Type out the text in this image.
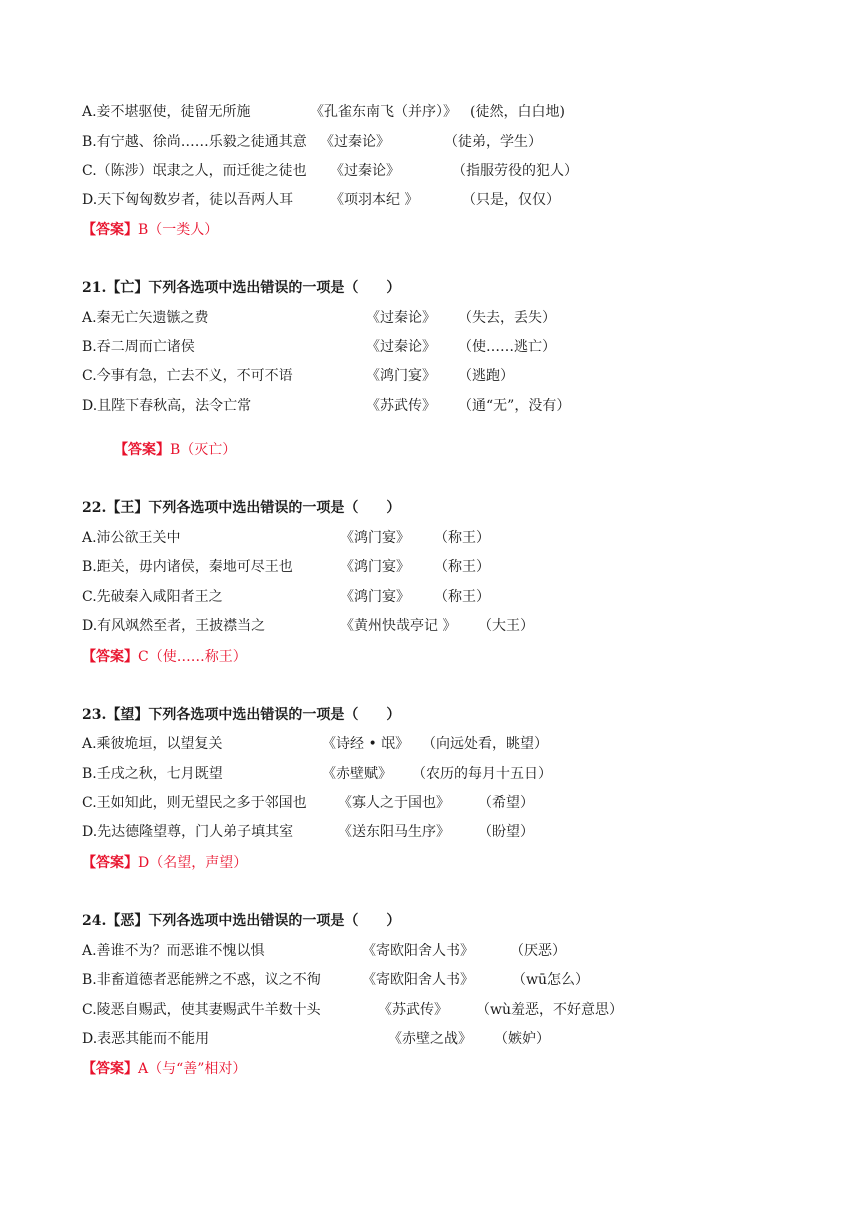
A.妾不堪驱使，徒留无所施	《孔雀东南飞（并序）》 (徒然，白白地)
B.有宁越、徐尚……乐毅之徒通其意 《过秦论》	（徒弟，学生）
C.（陈涉）氓隶之人，而迁徙之徒也 《过秦论》	（指服劳役的犯人）
D.天下匈匈数岁者，徒以吾两人耳	《项羽本纪 》	（只是，仅仅）
【答案】B（一类人）
21.【亡】下列各选项中选出错误的一项是（　　）
A.秦无亡矢遗镞之费	《过秦论》 （失去，丢失）
B.吞二周而亡诸侯	《过秦论》 （使……逃亡）
C.今事有急，亡去不义，不可不语	《鸿门宴》 （逃跑）
D.且陛下春秋高，法令亡常	《苏武传》 （通“无”，没有）
【答案】B（灭亡）
22.【王】下列各选项中选出错误的一项是（　　）
A.沛公欲王关中	《鸿门宴》 （称王）
B.距关，毋内诸侯，秦地可尽王也	《鸿门宴》 （称王）
C.先破秦入咸阳者王之	《鸿门宴》 （称王）
D.有风飒然至者，王披襟当之	《黄州快哉亭记 》 （大王）
【答案】C（使……称王）
23.【望】下列各选项中选出错误的一项是（　　）
A.乘彼垝垣，以望复关	《诗经 • 氓》 （向远处看，眺望）
B.壬戌之秋，七月既望	《赤壁赋》 （农历的每月十五日）
C.王如知此，则无望民之多于邻国也 《寡人之于国也》 （希望）
D.先达德隆望尊，门人弟子填其室	《送东阳马生序》 （盼望）
【答案】D（名望，声望）
24.【恶】下列各选项中选出错误的一项是（　　）
A.善谁不为？而恶谁不愧以惧	《寄欧阳舍人书》	（厌恶）
B.非畜道德者恶能辨之不惑，议之不徇	《寄欧阳舍人书》	（wū怎么）
C.陵恶自赐武，使其妻赐武牛羊数十头	《苏武传》 （wù羞恶，不好意思）
D.表恶其能而不能用	《赤壁之战》 （嫉妒）
【答案】A（与“善”相对）
